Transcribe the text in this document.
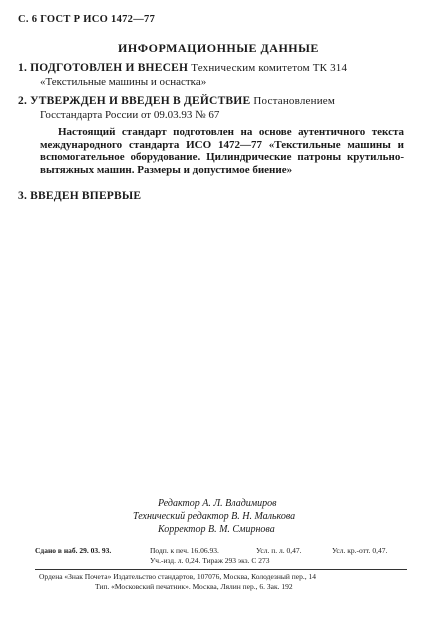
С. 6 ГОСТ Р ИСО 1472—77
ИНФОРМАЦИОННЫЕ ДАННЫЕ
1. ПОДГОТОВЛЕН И ВНЕСЕН Техническим комитетом ТК 314
«Текстильные машины и оснастка»
2. УТВЕРЖДЕН И ВВЕДЕН В ДЕЙСТВИЕ Постановлением
Госстандарта России от 09.03.93 № 67
Настоящий стандарт подготовлен на основе аутентичного текста международного стандарта ИСО 1472—77 «Текстильные машины и вспомогательное оборудование. Цилиндрические патроны крутильно-вытяжных машин. Размеры и допустимое биение»
3. ВВЕДЕН ВПЕРВЫЕ
Редактор А. Л. Владимиров
Технический редактор В. Н. Малькова
Корректор В. М. Смирнова
Сдано в наб. 29. 03. 93.	Подп. к печ. 16.06.93.	Усл. п. л. 0,47.	Усл. кр.-отт. 0,47.
Уч.-изд. л. 0,24. Тираж 293 экз. С 273
Ордена «Знак Почета» Издательство стандартов, 107076, Москва, Колодезный пер., 14
Тип. «Московский печатник». Москва, Лялин пер., 6. Зак. 192
